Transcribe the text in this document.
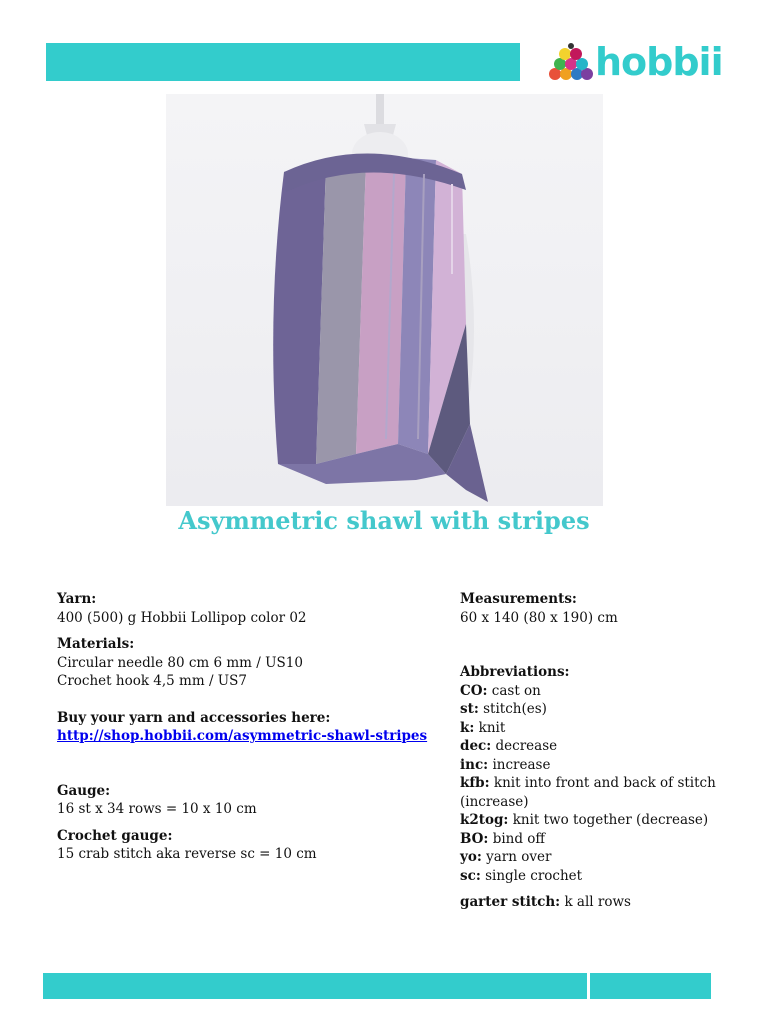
hobbii
Asymmetric shawl with stripes
Yarn:
400 (500) g Hobbii Lollipop color 02
Materials:
Circular needle 80 cm 6 mm / US10
Crochet hook 4,5 mm / US7
Buy your yarn and accessories here:
http://shop.hobbii.com/asymmetric-shawl-stripes
Gauge:
16 st x 34 rows = 10 x 10 cm
Crochet gauge:
15 crab stitch aka reverse sc = 10 cm
Measurements:
60 x 140 (80 x 190) cm
Abbreviations:
CO: cast on
st: stitch(es)
k: knit
dec: decrease
inc: increase
kfb: knit into front and back of stitch (increase)
k2tog: knit two together (decrease)
BO: bind off
yo: yarn over
sc: single crochet
garter stitch: k all rows
